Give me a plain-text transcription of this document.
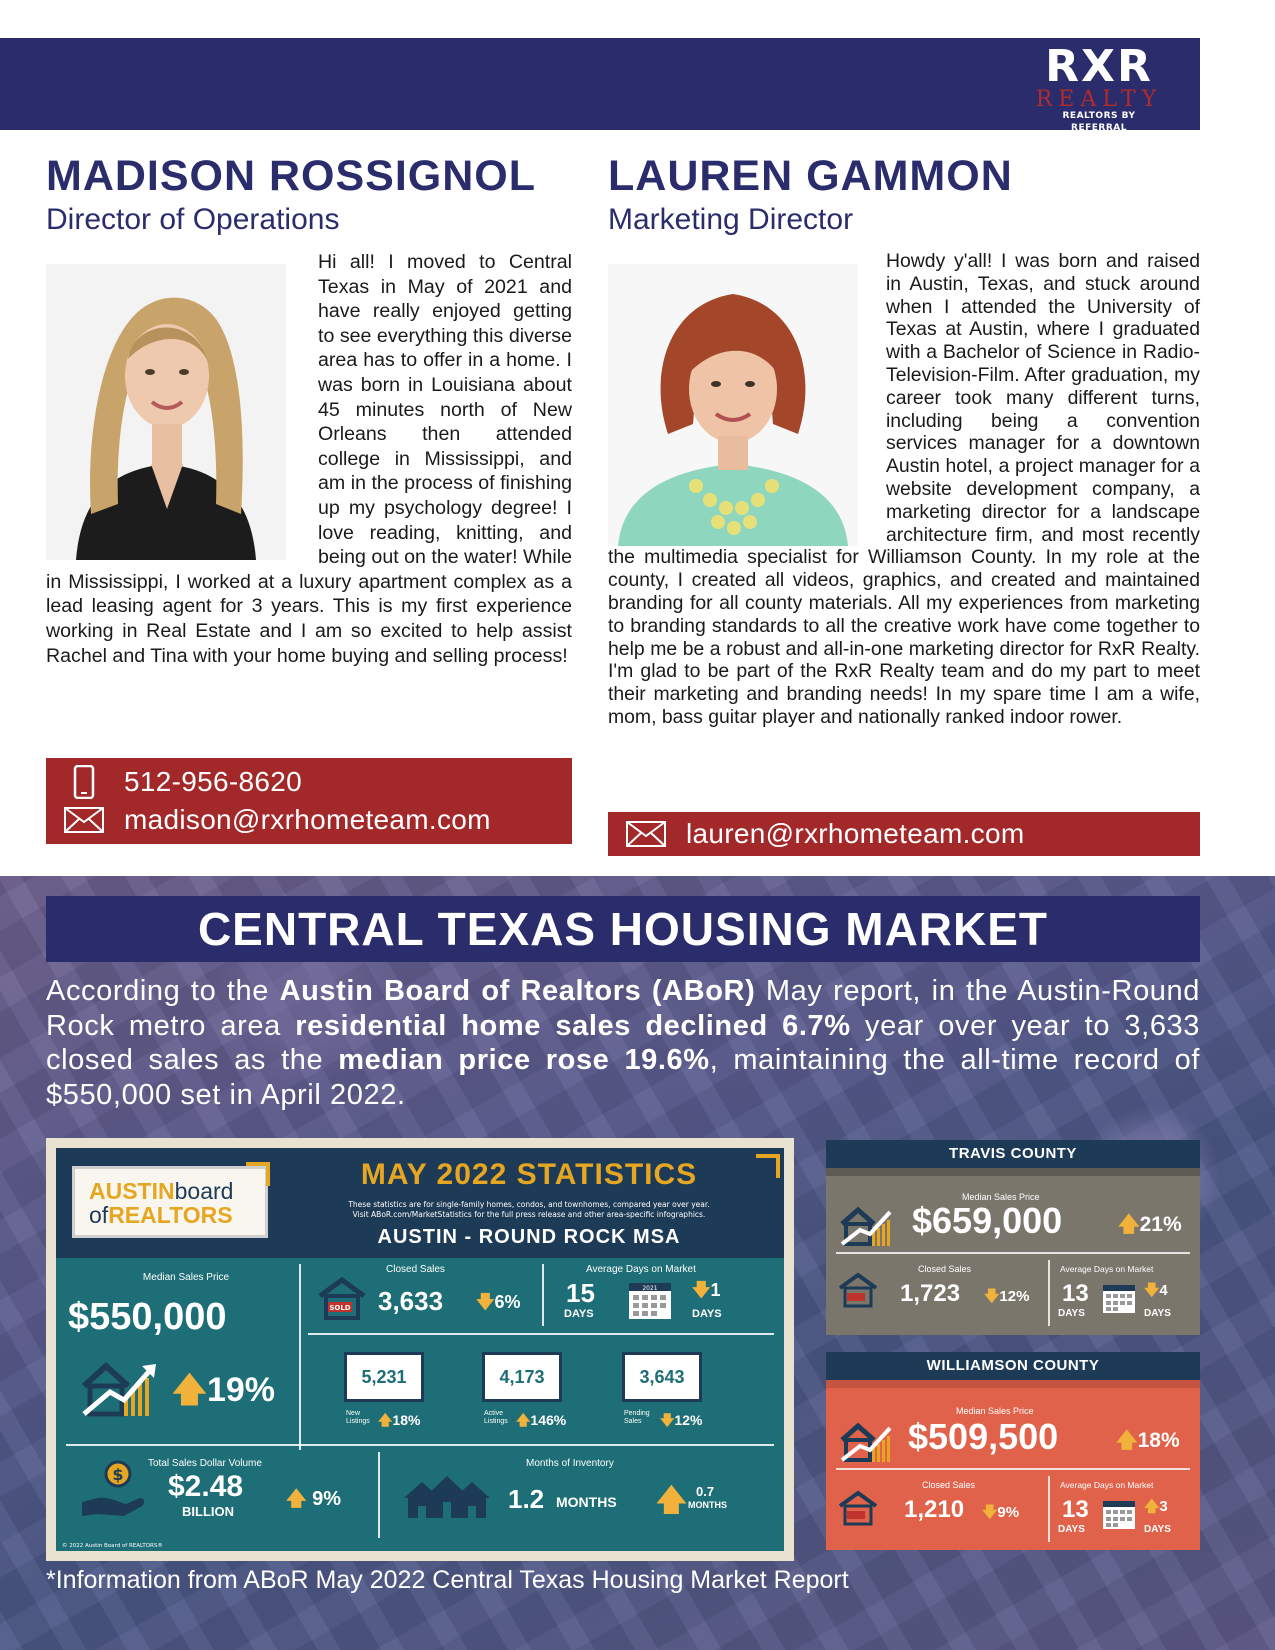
RXR
REALTY
REALTORS BY REFERRAL
MADISON ROSSIGNOL
Director of Operations

Hi all! I moved to Central Texas in May of 2021 and have really enjoyed getting to see everything this diverse area has to offer in a home. I was born in Louisiana about 45 minutes north of New Orleans then attended college in Mississippi, and am in the process of finishing up my psychology degree! I love reading, knitting, and being out on the water! While in Mississippi, I worked at a luxury apartment complex as a lead leasing agent for 3 years. This is my first experience working in Real Estate and I am so excited to help assist Rachel and Tina with your home buying and selling process!

512-956-8620
madison@rxrhometeam.com
LAUREN GAMMON
Marketing Director

Howdy y'all! I was born and raised in Austin, Texas, and stuck around when I attended the University of Texas at Austin, where I graduated with a Bachelor of Science in Radio-Television-Film. After graduation, my career took many different turns, including being a convention services manager for a downtown Austin hotel, a project manager for a website development company, a marketing director for a landscape architecture firm, and most recently the multimedia specialist for Williamson County. In my role at the county, I created all videos, graphics, and created and maintained branding for all county materials. All my experiences from marketing to branding standards to all the creative work have come together to help me be a robust and all-in-one marketing director for RxR Realty. I'm glad to be part of the RxR Realty team and do my part to meet their marketing and branding needs! In my spare time I am a wife, mom, bass guitar player and nationally ranked indoor rower.

lauren@rxrhometeam.com
CENTRAL TEXAS HOUSING MARKET
According to the Austin Board of Realtors (ABoR) May report, in the Austin-Round Rock metro area residential home sales declined 6.7% year over year to 3,633 closed sales as the median price rose 19.6%, maintaining the all-time record of $550,000 set in April 2022.
AUSTINboard
ofREALTORS
MAY 2022 STATISTICS
These statistics are for single-family homes, condos, and townhomes, compared year over year.
Visit ABoR.com/MarketStatistics for the full press release and other area-specific infographics.
AUSTIN - ROUND ROCK MSA
Median Sales Price
$550,000
🡅19%
Closed Sales
SOLD 3,633 🡇6%
Average Days on Market
15
DAYS
2021 🡇1
DAYS
5,231
New
Listings 🡅18%
4,173
Active
Listings 🡅146%
3,643
Pending
Sales	🡇12%
$
Total Sales Dollar Volume
$2.48
BILLION
🡅 9%
Months of Inventory
1.2 MONTHS 🡅 0.7
MONTHS
© 2022 Austin Board of REALTORS®
TRAVIS COUNTY
Median Sales Price
$659,000	🡅21%
Closed Sales
1,723 🡇12%
Average Days on Market
13
DAYS
🡇4
DAYS
WILLIAMSON COUNTY
Median Sales Price
$509,500	🡅18%
Closed Sales
1,210 🡇9%
Average Days on Market
13
DAYS
🡅3
DAYS
*Information from ABoR May 2022 Central Texas Housing Market Report
